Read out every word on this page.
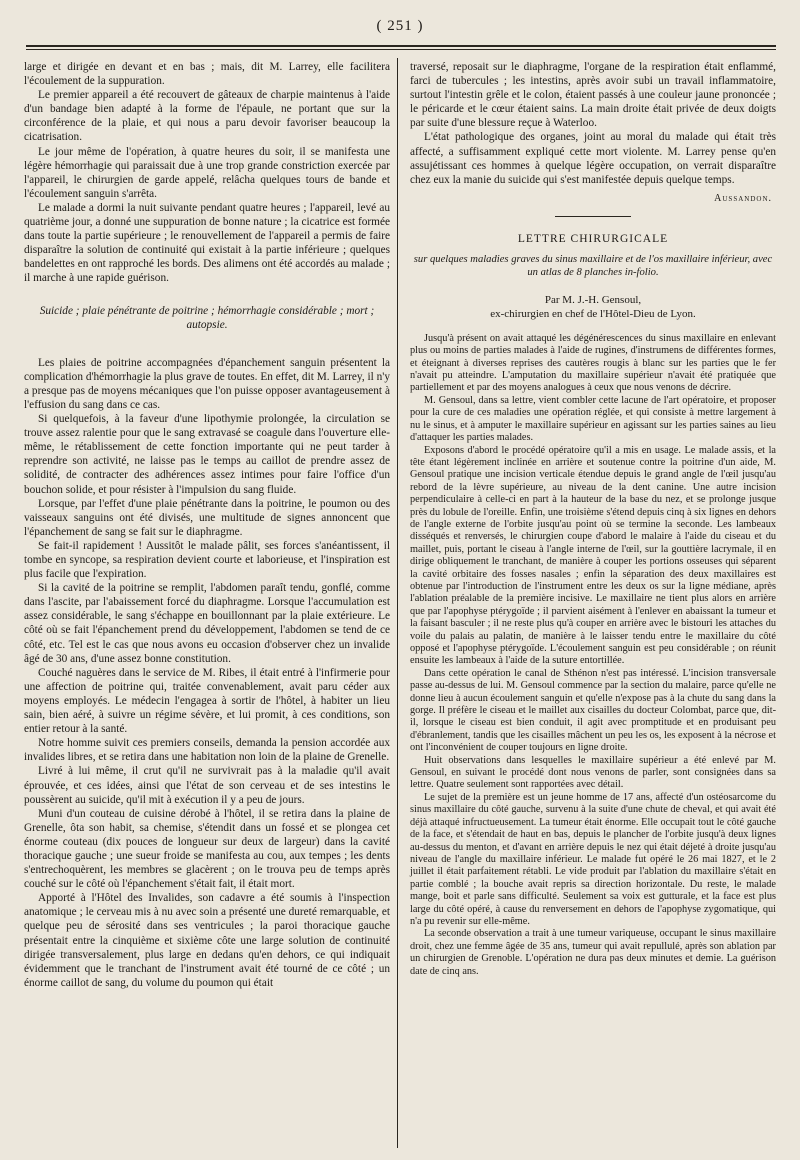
( 251 )

large et dirigée en devant et en bas ; mais, dit M. Larrey, elle facilitera l'écoulement de la suppuration.

Le premier appareil a été recouvert de gâteaux de charpie maintenus à l'aide d'un bandage bien adapté à la forme de l'épaule, ne portant que sur la circonférence de la plaie, et qui nous a paru devoir favoriser beaucoup la cicatrisation.

Le jour même de l'opération, à quatre heures du soir, il se manifesta une légère hémorrhagie qui paraissait due à une trop grande constriction exercée par l'appareil, le chirurgien de garde appelé, relâcha quelques tours de bande et l'écoulement sanguin s'arrêta.

Le malade a dormi la nuit suivante pendant quatre heures ; l'appareil, levé au quatrième jour, a donné une suppuration de bonne nature ; la cicatrice est formée dans toute la partie supérieure ; le renouvellement de l'appareil a permis de faire disparaître la solution de continuité qui existait à la partie inférieure ; quelques bandelettes en ont rapproché les bords. Des alimens ont été accordés au malade ; il marche à une rapide guérison.

Suicide ; plaie pénétrante de poitrine ; hémorrhagie considérable ; mort ; autopsie.

Les plaies de poitrine accompagnées d'épanchement sanguin présentent la complication d'hémorrhagie la plus grave de toutes. En effet, dit M. Larrey, il n'y a presque pas de moyens mécaniques que l'on puisse opposer avantageusement à l'effusion du sang dans ce cas.

Si quelquefois, à la faveur d'une lipothymie prolongée, la circulation se trouve assez ralentie pour que le sang extravasé se coagule dans l'ouverture elle-même, le rétablissement de cette fonction importante qui ne peut tarder à reprendre son activité, ne laisse pas le temps au caillot de prendre assez de solidité, de contracter des adhérences assez intimes pour faire l'office d'un bouchon solide, et pour résister à l'impulsion du sang fluide.

Lorsque, par l'effet d'une plaie pénétrante dans la poitrine, le poumon ou des vaisseaux sanguins ont été divisés, une multitude de signes annoncent que l'épanchement de sang se fait sur le diaphragme.

Se fait-il rapidement ! Aussitôt le malade pâlit, ses forces s'anéantissent, il tombe en syncope, sa respiration devient courte et laborieuse, et l'inspiration est plus facile que l'expiration.

Si la cavité de la poitrine se remplit, l'abdomen paraît tendu, gonflé, comme dans l'ascite, par l'abaissement forcé du diaphragme. Lorsque l'accumulation est assez considérable, le sang s'échappe en bouillonnant par la plaie extérieure. Le côté où se fait l'épanchement prend du développement, l'abdomen se tend de ce côté, etc. Tel est le cas que nous avons eu occasion d'observer chez un invalide âgé de 30 ans, d'une assez bonne constitution.

Couché naguères dans le service de M. Ribes, il était entré à l'infirmerie pour une affection de poitrine qui, traitée convenablement, avait paru céder aux moyens employés. Le médecin l'engagea à sortir de l'hôtel, à habiter un lieu sain, bien aéré, à suivre un régime sévère, et lui promit, à ces conditions, son entier retour à la santé.

Notre homme suivit ces premiers conseils, demanda la pension accordée aux invalides libres, et se retira dans une habitation non loin de la plaine de Grenelle.

Livré à lui même, il crut qu'il ne survivrait pas à la maladie qu'il avait éprouvée, et ces idées, ainsi que l'état de son cerveau et de ses intestins le poussèrent au suicide, qu'il mit à exécution il y a peu de jours.

Muni d'un couteau de cuisine dérobé à l'hôtel, il se retira dans la plaine de Grenelle, ôta son habit, sa chemise, s'étendit dans un fossé et se plongea cet énorme couteau (dix pouces de longueur sur deux de largeur) dans la cavité thoracique gauche ; une sueur froide se manifesta au cou, aux tempes ; les dents s'entrechoquèrent, les membres se glacèrent ; on le trouva peu de temps après couché sur le côté où l'épanchement s'était fait, il était mort.

Apporté à l'Hôtel des Invalides, son cadavre a été soumis à l'inspection anatomique ; le cerveau mis à nu avec soin a présenté une dureté remarquable, et quelque peu de sérosité dans ses ventricules ; la paroi thoracique gauche présentait entre la cinquième et sixième côte une large solution de continuité dirigée transversalement, plus large en dedans qu'en dehors, ce qui indiquait évidemment que le tranchant de l'instrument avait été tourné de ce côté ; un énorme caillot de sang, du volume du poumon qui était

traversé, reposait sur le diaphragme, l'organe de la respiration était enflammé, farci de tubercules ; les intestins, après avoir subi un travail inflammatoire, surtout l'intestin grêle et le colon, étaient passés à une couleur jaune prononcée ; le péricarde et le cœur étaient sains. La main droite était privée de deux doigts par suite d'une blessure reçue à Waterloo.

L'état pathologique des organes, joint au moral du malade qui était très affecté, a suffisamment expliqué cette mort violente. M. Larrey pense qu'en assujétissant ces hommes à quelque légère occupation, on verrait disparaître chez eux la manie du suicide qui s'est manifestée depuis quelque temps.

Aussandon.
LETTRE CHIRURGICALE
sur quelques maladies graves du sinus maxillaire et de l'os maxillaire inférieur, avec un atlas de 8 planches in-folio.
Par M. J.-H. Gensoul,
ex-chirurgien en chef de l'Hôtel-Dieu de Lyon.

Jusqu'à présent on avait attaqué les dégénérescences du sinus maxillaire en enlevant plus ou moins de parties malades à l'aide de rugines, d'instrumens de différentes formes, et éteignant à diverses reprises des cautères rougis à blanc sur les parties que le fer n'avait pu atteindre. L'amputation du maxillaire supérieur n'avait été pratiquée que partiellement et par des moyens analogues à ceux que nous venons de décrire.

M. Gensoul, dans sa lettre, vient combler cette lacune de l'art opératoire, et proposer pour la cure de ces maladies une opération réglée, et qui consiste à mettre largement à nu le sinus, et à amputer le maxillaire supérieur en agissant sur les parties saines au lieu d'attaquer les parties malades.

Exposons d'abord le procédé opératoire qu'il a mis en usage. Le malade assis, et la tête étant légèrement inclinée en arrière et soutenue contre la poitrine d'un aide, M. Gensoul pratique une incision verticale étendue depuis le grand angle de l'œil jusqu'au rebord de la lèvre supérieure, au niveau de la dent canine. Une autre incision perpendiculaire à celle-ci en part à la hauteur de la base du nez, et se prolonge jusque près du lobule de l'oreille. Enfin, une troisième s'étend depuis cinq à six lignes en dehors de l'angle externe de l'orbite jusqu'au point où se termine la seconde. Les lambeaux disséqués et renversés, le chirurgien coupe d'abord le malaire à l'aide du ciseau et du maillet, puis, portant le ciseau à l'angle interne de l'œil, sur la gouttière lacrymale, il en dirige obliquement le tranchant, de manière à couper les portions osseuses qui séparent la cavité orbitaire des fosses nasales ; enfin la séparation des deux maxillaires est obtenue par l'introduction de l'instrument entre les deux os sur la ligne médiane, après l'ablation préalable de la première incisive. Le maxillaire ne tient plus alors en arrière que par l'apophyse ptérygoïde ; il parvient aisément à l'enlever en abaissant la tumeur et la faisant basculer ; il ne reste plus qu'à couper en arrière avec le bistouri les attaches du voile du palais au palatin, de manière à le laisser tendu entre le maxillaire du côté opposé et l'apophyse ptérygoïde. L'écoulement sanguin est peu considérable ; on réunit ensuite les lambeaux à l'aide de la suture entortillée.

Dans cette opération le canal de Sthénon n'est pas intéressé. L'incision transversale passe au-dessus de lui. M. Gensoul commence par la section du malaire, parce qu'elle ne donne lieu à aucun écoulement sanguin et qu'elle n'expose pas à la chute du sang dans la gorge. Il préfère le ciseau et le maillet aux cisailles du docteur Colombat, parce que, dit-il, lorsque le ciseau est bien conduit, il agit avec promptitude et en produisant peu d'ébranlement, tandis que les cisailles mâchent un peu les os, les exposent à la nécrose et ont l'inconvénient de couper toujours en ligne droite.

Huit observations dans lesquelles le maxillaire supérieur a été enlevé par M. Gensoul, en suivant le procédé dont nous venons de parler, sont consignées dans sa lettre. Quatre seulement sont rapportées avec détail.

Le sujet de la première est un jeune homme de 17 ans, affecté d'un ostéosarcome du sinus maxillaire du côté gauche, survenu à la suite d'une chute de cheval, et qui avait été déjà attaqué infructueusement. La tumeur était énorme. Elle occupait tout le côté gauche de la face, et s'étendait de haut en bas, depuis le plancher de l'orbite jusqu'à deux lignes au-dessus du menton, et d'avant en arrière depuis le nez qui était déjeté à droite jusqu'au niveau de l'angle du maxillaire inférieur. Le malade fut opéré le 26 mai 1827, et le 2 juillet il était parfaitement rétabli. Le vide produit par l'ablation du maxillaire s'était en partie comblé ; la bouche avait repris sa direction horizontale. Du reste, le malade mange, boit et parle sans difficulté. Seulement sa voix est gutturale, et la face est plus large du côté opéré, à cause du renversement en dehors de l'apophyse zygomatique, qui n'a pu revenir sur elle-même.

La seconde observation a trait à une tumeur variqueuse, occupant le sinus maxillaire droit, chez une femme âgée de 35 ans, tumeur qui avait repullulé, après son ablation par un chirurgien de Grenoble. L'opération ne dura pas deux minutes et demie. La guérison date de cinq ans.
